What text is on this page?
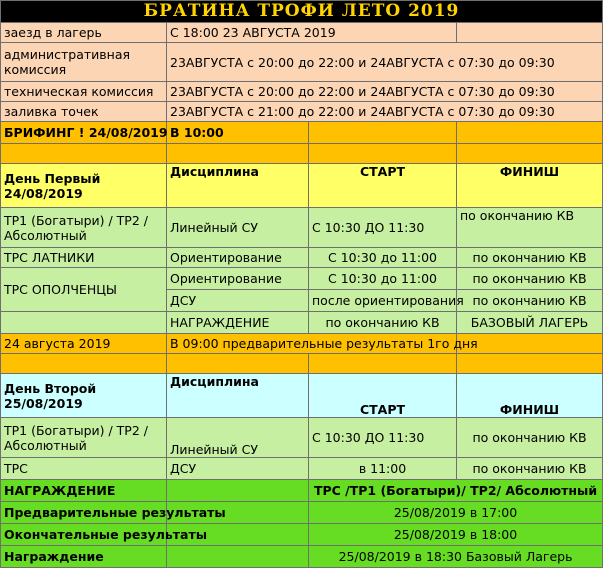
БРАТИНА ТРОФИ ЛЕТО 2019			
заезд в лагерь	С 18:00 23 АВГУСТА 2019		
административная комиссия	23АВГУСТА с 20:00 до 22:00 и 24АВГУСТА с 07:30 до 09:30		
техническая комиссия	23АВГУСТА с 20:00 до 22:00 и 24АВГУСТА с 07:30 до 09:30		
заливка точек	23АВГУСТА с 21:00 до 22:00 и 24АВГУСТА с 07:30 до 09:30		
БРИФИНГ ! 24/08/2019	В 10:00		

День Первый
24/08/2019	Дисциплина	СТАРТ	ФИНИШ
ТР1 (Богатыри) / ТР2 / Абсолютный	Линейный СУ	С 10:30 ДО 11:30	по окончанию КВ
ТРС ЛАТНИКИ	Ориентирование	С 10:30 до 11:00	по окончанию КВ
ТРС ОПОЛЧЕНЦЫ	Ориентирование	С 10:30 до 11:00	по окончанию КВ
	ДСУ	после ориентирования	по окончанию КВ
	НАГРАЖДЕНИЕ	по окончанию КВ	БАЗОВЫЙ ЛАГЕРЬ
24 августа 2019	В 09:00 предварительные результаты 1го дня		

День Второй
25/08/2019	Дисциплина	СТАРТ	ФИНИШ
ТР1 (Богатыри) / ТР2 / Абсолютный	Линейный СУ	С 10:30 ДО 11:30	по окончанию КВ
ТРС	ДСУ	в 11:00	по окончанию КВ
НАГРАЖДЕНИЕ		ТРС /ТР1 (Богатыри)/ ТР2/ Абсолютный	
Предварительные результаты		25/08/2019 в 17:00	
Окончательные результаты		25/08/2019 в 18:00	
Награждение		25/08/2019 в 18:30 Базовый Лагерь	
